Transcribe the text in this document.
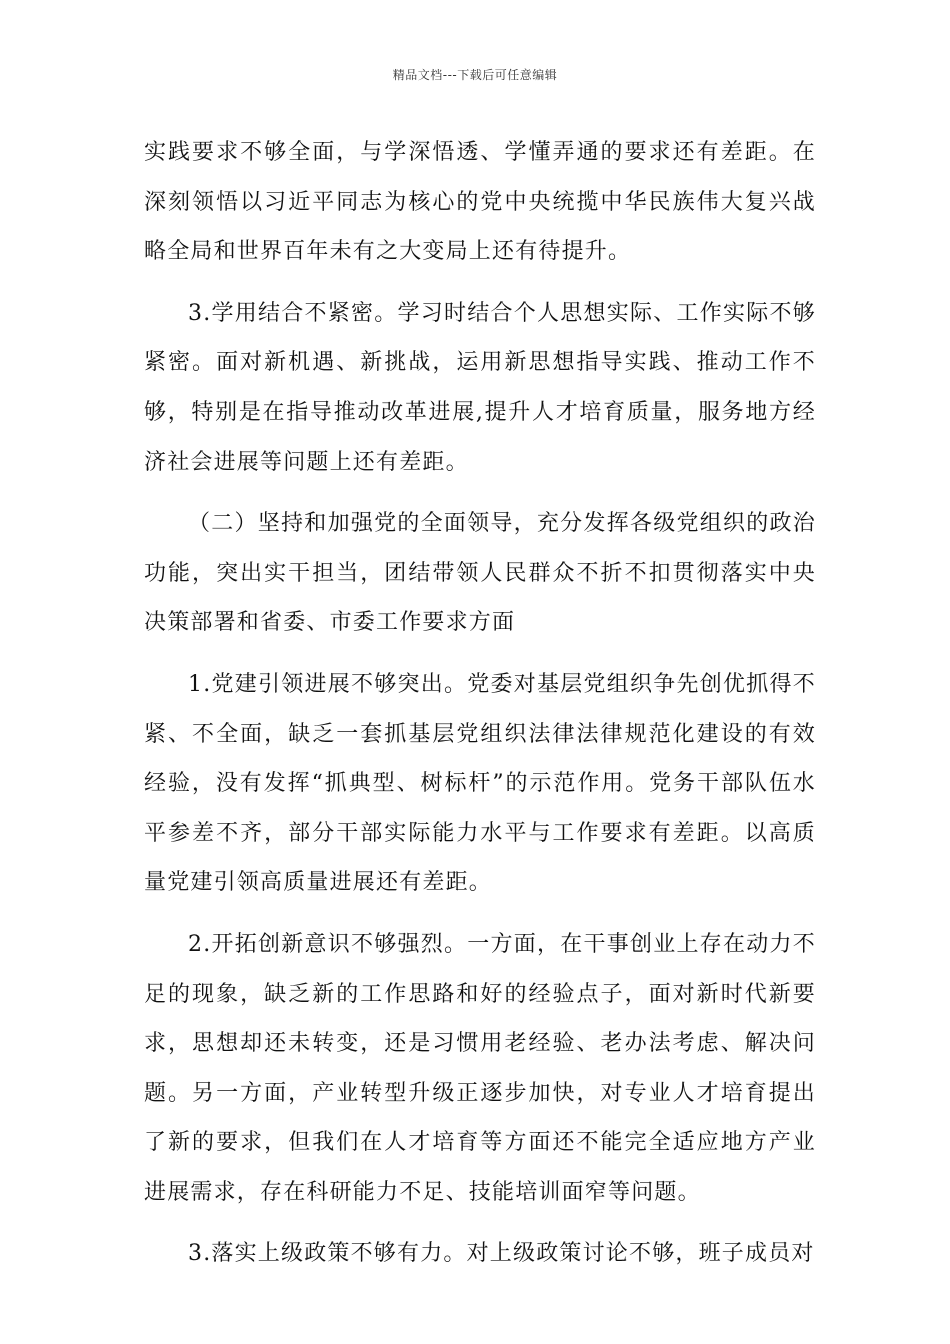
精品文档---下载后可任意编辑

实践要求不够全面，与学深悟透、学懂弄通的要求还有差距。在深刻领悟以习近平同志为核心的党中央统揽中华民族伟大复兴战略全局和世界百年未有之大变局上还有待提升。

3.学用结合不紧密。学习时结合个人思想实际、工作实际不够紧密。面对新机遇、新挑战，运用新思想指导实践、推动工作不够，特别是在指导推动改革进展,提升人才培育质量，服务地方经济社会进展等问题上还有差距。

（二）坚持和加强党的全面领导，充分发挥各级党组织的政治功能，突出实干担当，团结带领人民群众不折不扣贯彻落实中央决策部署和省委、市委工作要求方面

1.党建引领进展不够突出。党委对基层党组织争先创优抓得不紧、不全面，缺乏一套抓基层党组织法律法律规范化建设的有效经验，没有发挥“抓典型、树标杆”的示范作用。党务干部队伍水平参差不齐，部分干部实际能力水平与工作要求有差距。以高质量党建引领高质量进展还有差距。

2.开拓创新意识不够强烈。一方面，在干事创业上存在动力不足的现象，缺乏新的工作思路和好的经验点子，面对新时代新要求，思想却还未转变，还是习惯用老经验、老办法考虑、解决问题。另一方面，产业转型升级正逐步加快，对专业人才培育提出了新的要求，但我们在人才培育等方面还不能完全适应地方产业进展需求，存在科研能力不足、技能培训面窄等问题。

3.落实上级政策不够有力。对上级政策讨论不够，班子成员对
